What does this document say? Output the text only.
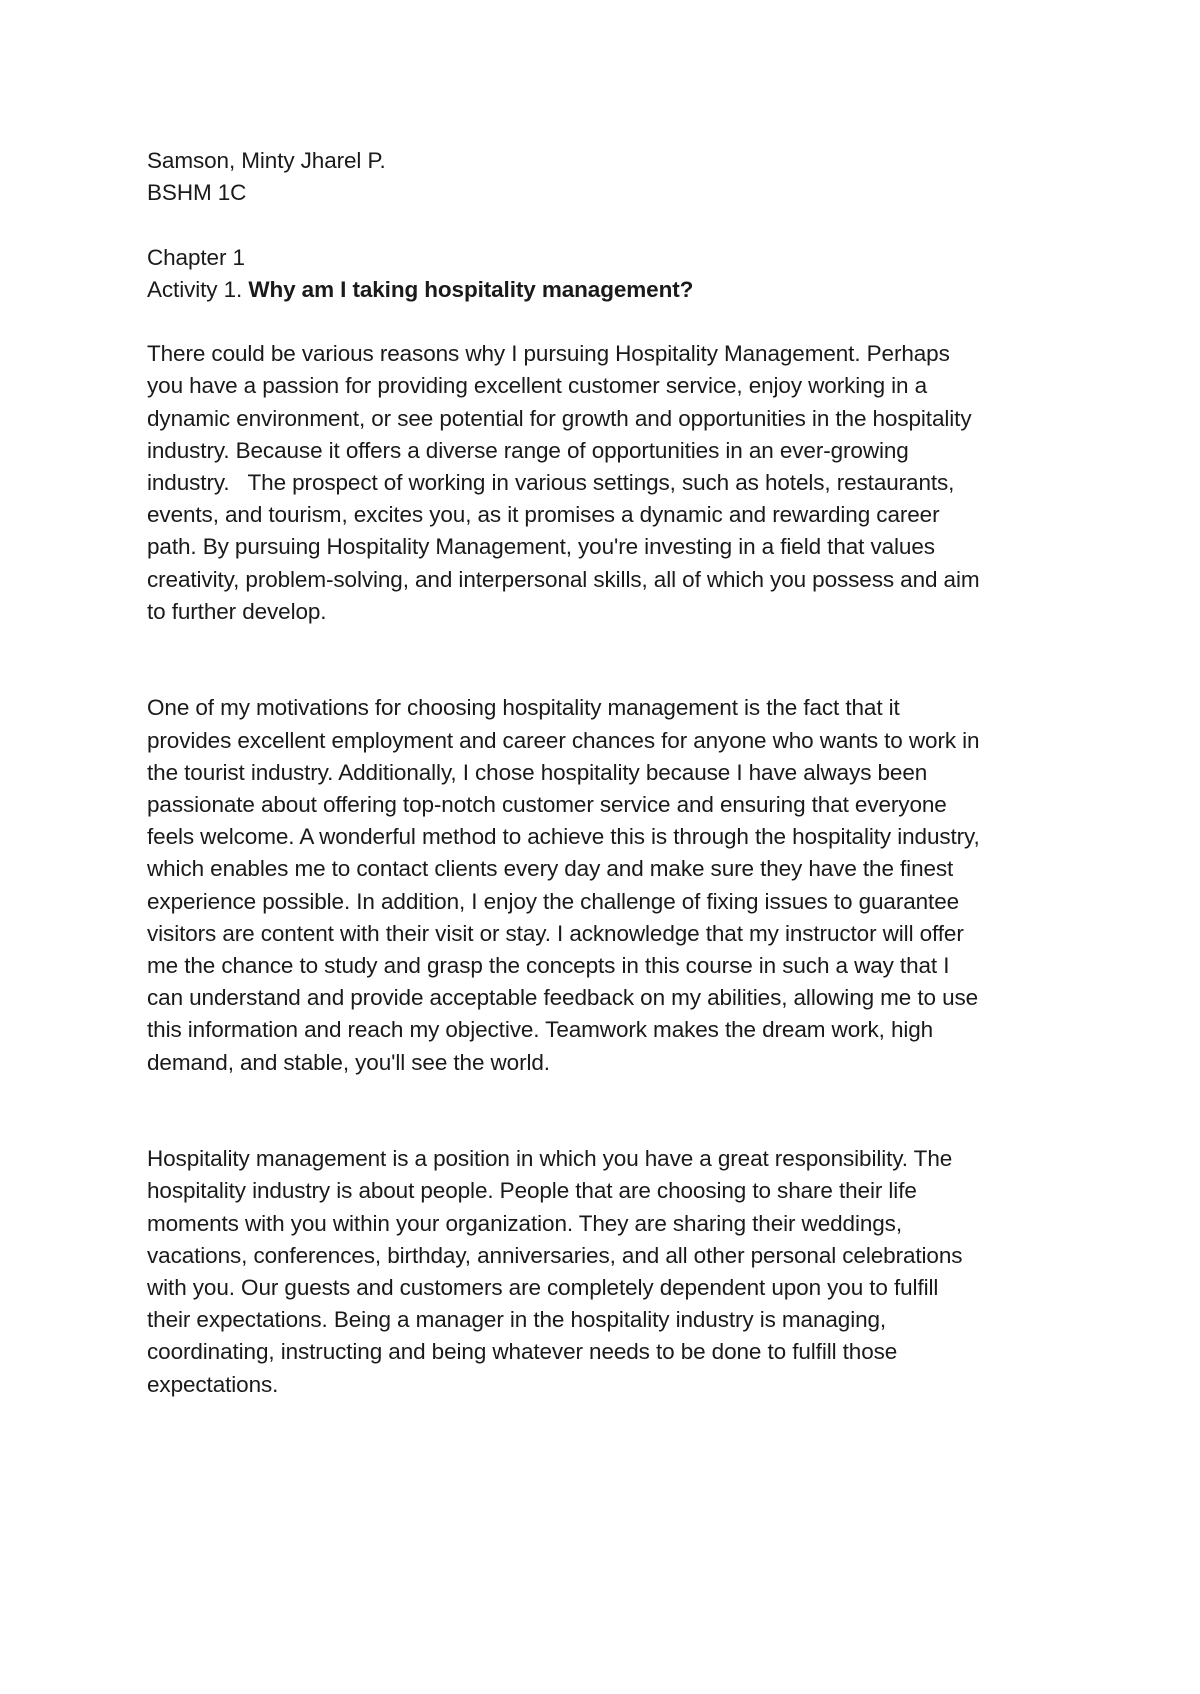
Samson, Minty Jharel P.
BSHM 1C
Chapter 1
Activity 1. Why am I taking hospitality management?
There could be various reasons why I pursuing Hospitality Management. Perhaps
you have a passion for providing excellent customer service, enjoy working in a
dynamic environment, or see potential for growth and opportunities in the hospitality
industry. Because it offers a diverse range of opportunities in an ever-growing
industry.   The prospect of working in various settings, such as hotels, restaurants,
events, and tourism, excites you, as it promises a dynamic and rewarding career
path. By pursuing Hospitality Management, you're investing in a field that values
creativity, problem-solving, and interpersonal skills, all of which you possess and aim
to further develop.
One of my motivations for choosing hospitality management is the fact that it
provides excellent employment and career chances for anyone who wants to work in
the tourist industry. Additionally, I chose hospitality because I have always been
passionate about offering top-notch customer service and ensuring that everyone
feels welcome. A wonderful method to achieve this is through the hospitality industry,
which enables me to contact clients every day and make sure they have the finest
experience possible. In addition, I enjoy the challenge of fixing issues to guarantee
visitors are content with their visit or stay. I acknowledge that my instructor will offer
me the chance to study and grasp the concepts in this course in such a way that I
can understand and provide acceptable feedback on my abilities, allowing me to use
this information and reach my objective. Teamwork makes the dream work, high
demand, and stable, you'll see the world.
Hospitality management is a position in which you have a great responsibility. The
hospitality industry is about people. People that are choosing to share their life
moments with you within your organization. They are sharing their weddings,
vacations, conferences, birthday, anniversaries, and all other personal celebrations
with you. Our guests and customers are completely dependent upon you to fulfill
their expectations. Being a manager in the hospitality industry is managing,
coordinating, instructing and being whatever needs to be done to fulfill those
expectations.
